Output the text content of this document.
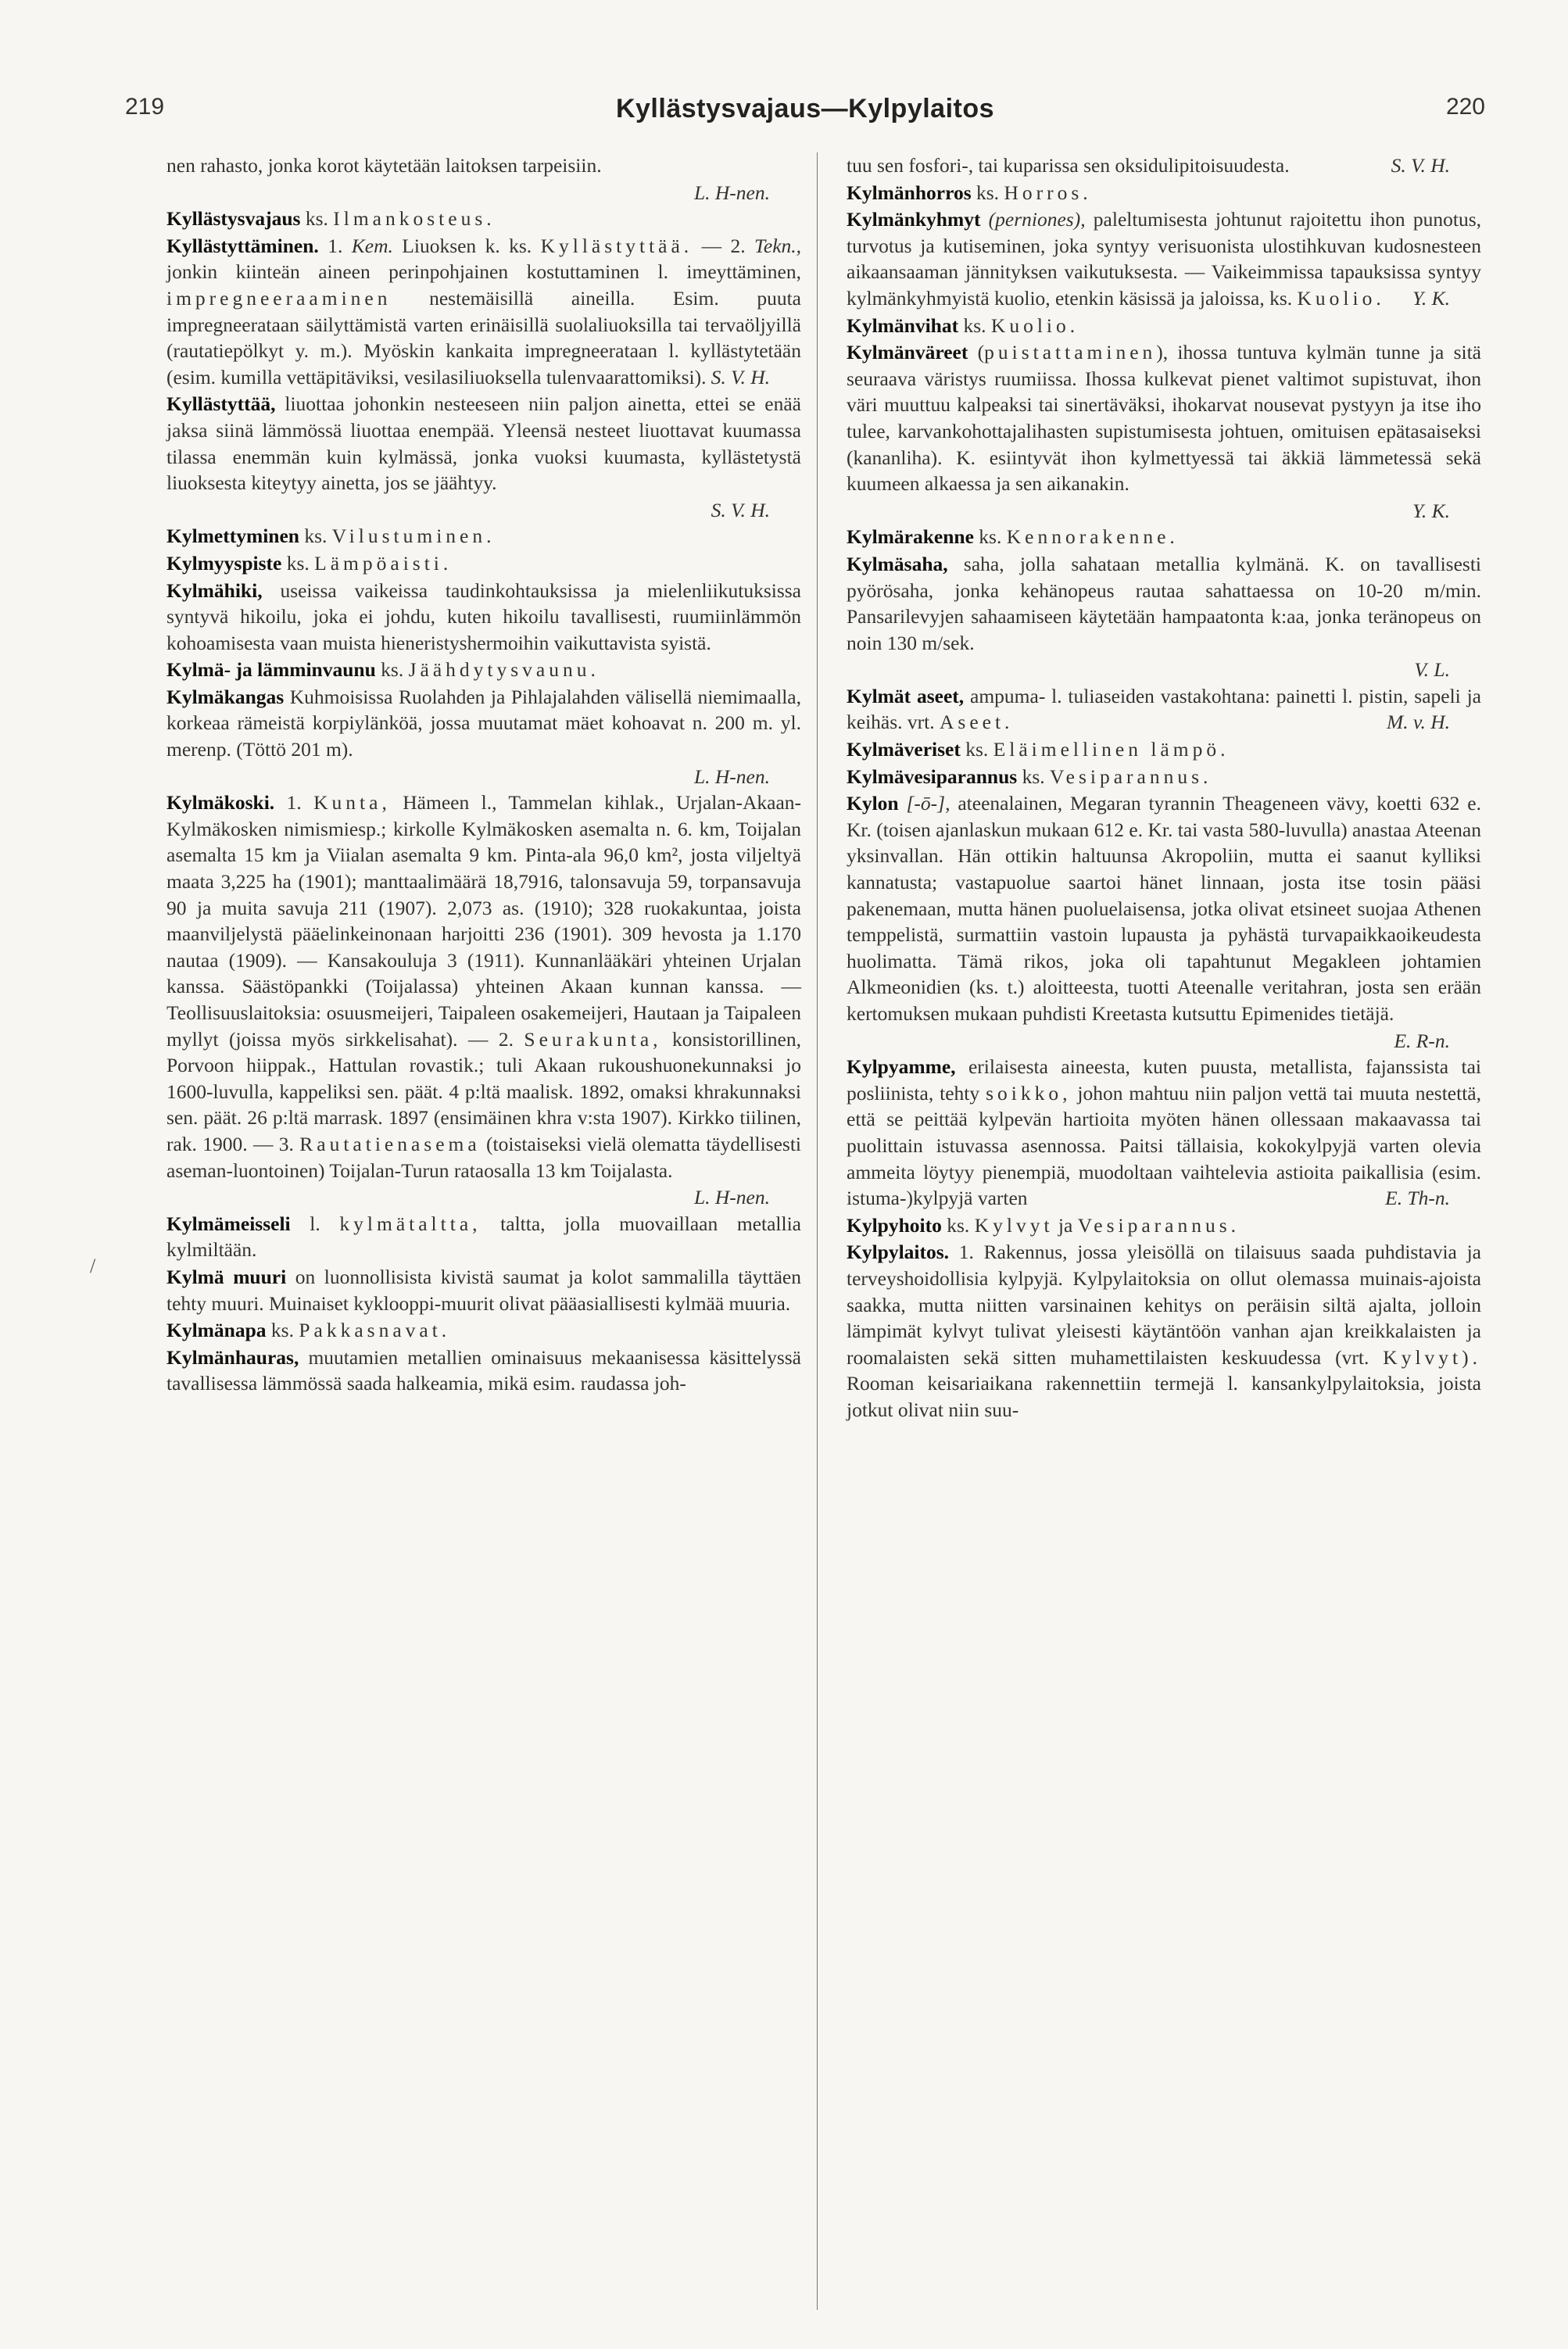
219	Kyllästysvajaus—Kylpylaitos	220
/
nen rahasto, jonka korot käytetään laitoksen tarpeisiin.
L. H-nen.
Kyllästysvajaus ks. Ilmankosteus.
Kyllästyttäminen. 1. Kem. Liuoksen k. ks. Kyllästyttää. — 2. Tekn., jonkin kiinteän aineen perinpohjainen kostuttaminen l. imeyttäminen, impregneeraaminen nestemäisillä aineilla. Esim. puuta impregneerataan säilyttämistä varten erinäisillä suolaliuoksilla tai tervaöljyillä (rautatiepölkyt y. m.). Myöskin kankaita impregneerataan l. kyllästytetään (esim. kumilla vettäpitäviksi, vesilasiliuoksella tulenvaarattomiksi). S. V. H.
Kyllästyttää, liuottaa johonkin nesteeseen niin paljon ainetta, ettei se enää jaksa siinä lämmössä liuottaa enempää. Yleensä nesteet liuottavat kuumassa tilassa enemmän kuin kylmässä, jonka vuoksi kuumasta, kyllästetystä liuoksesta kiteytyy ainetta, jos se jäähtyy.
S. V. H.
Kylmettyminen ks. Vilustuminen.
Kylmyyspiste ks. Lämpöaisti.
Kylmähiki, useissa vaikeissa taudinkohtauksissa ja mielenliikutuksissa syntyvä hikoilu, joka ei johdu, kuten hikoilu tavallisesti, ruumiinlämmön kohoamisesta vaan muista hieneristyshermoihin vaikuttavista syistä.
Kylmä- ja lämminvaunu ks. Jäähdytysvaunu.
Kylmäkangas Kuhmoisissa Ruolahden ja Pihlajalahden välisellä niemimaalla, korkeaa rämeistä korpiylänköä, jossa muutamat mäet kohoavat n. 200 m. yl. merenp. (Töttö 201 m).
L. H-nen.
Kylmäkoski. 1. Kunta, Hämeen l., Tammelan kihlak., Urjalan-Akaan-Kylmäkosken nimismiesp.; kirkolle Kylmäkosken asemalta n. 6. km, Toijalan asemalta 15 km ja Viialan asemalta 9 km. Pinta-ala 96,0 km², josta viljeltyä maata 3,225 ha (1901); manttaalimäärä 18,7916, talonsavuja 59, torpansavuja 90 ja muita savuja 211 (1907). 2,073 as. (1910); 328 ruokakuntaa, joista maanviljelystä pääelinkeinonaan harjoitti 236 (1901). 309 hevosta ja 1.170 nautaa (1909). — Kansakouluja 3 (1911). Kunnanlääkäri yhteinen Urjalan kanssa. Säästöpankki (Toijalassa) yhteinen Akaan kunnan kanssa. — Teollisuuslaitoksia: osuusmeijeri, Taipaleen osakemeijeri, Hautaan ja Taipaleen myllyt (joissa myös sirkkelisahat). — 2. Seurakunta, konsistorillinen, Porvoon hiippak., Hattulan rovastik.; tuli Akaan rukoushuonekunnaksi jo 1600-luvulla, kappeliksi sen. päät. 4 p:ltä maalisk. 1892, omaksi khrakunnaksi sen. päät. 26 p:ltä marrask. 1897 (ensimäinen khra v:sta 1907). Kirkko tiilinen, rak. 1900. — 3. Rautatienasema (toistaiseksi vielä olematta täydellisesti aseman-luontoinen) Toijalan-Turun rataosalla 13 km Toijalasta.
L. H-nen.
Kylmämeisseli l. kylmätaltta, taltta, jolla muovaillaan metallia kylmiltään.
Kylmä muuri on luonnollisista kivistä saumat ja kolot sammalilla täyttäen tehty muuri. Muinaiset kyklooppi-muurit olivat pääasiallisesti kylmää muuria.
Kylmänapa ks. Pakkasnavat.
Kylmänhauras, muutamien metallien ominaisuus mekaanisessa käsittelyssä tavallisessa lämmössä saada halkeamia, mikä esim. raudassa joh-
tuu sen fosfori-, tai kuparissa sen oksidulipitoisuudesta.	S. V. H.
Kylmänhorros ks. Horros.
Kylmänkyhmyt (perniones), paleltumisesta johtunut rajoitettu ihon punotus, turvotus ja kutiseminen, joka syntyy verisuonista ulostihkuvan kudosnesteen aikaansaaman jännityksen vaikutuksesta. — Vaikeimmissa tapauksissa syntyy kylmänkyhmyistä kuolio, etenkin käsissä ja jaloissa, ks. Kuolio. Y. K.
Kylmänvihat ks. Kuolio.
Kylmänväreet (puistattaminen), ihossa tuntuva kylmän tunne ja sitä seuraava väristys ruumiissa. Ihossa kulkevat pienet valtimot supistuvat, ihon väri muuttuu kalpeaksi tai sinertäväksi, ihokarvat nousevat pystyyn ja itse iho tulee, karvankohottajalihasten supistumisesta johtuen, omituisen epätasaiseksi (kananliha). K. esiintyvät ihon kylmettyessä tai äkkiä lämmetessä sekä kuumeen alkaessa ja sen aikanakin.
Y. K.
Kylmärakenne ks. Kennorakenne.
Kylmäsaha, saha, jolla sahataan metallia kylmänä. K. on tavallisesti pyörösaha, jonka kehänopeus rautaa sahattaessa on 10-20 m/min. Pansarilevyjen sahaamiseen käytetään hampaatonta k:aa, jonka teränopeus on noin 130 m/sek.
V. L.
Kylmät aseet, ampuma- l. tuliaseiden vastakohtana: painetti l. pistin, sapeli ja keihäs. vrt. Aseet.	M. v. H.
Kylmäveriset ks. Eläimellinen lämpö.
Kylmävesiparannus ks. Vesiparannus.
Kylon [-ō-], ateenalainen, Megaran tyrannin Theageneen vävy, koetti 632 e. Kr. (toisen ajanlaskun mukaan 612 e. Kr. tai vasta 580-luvulla) anastaa Ateenan yksinvallan. Hän ottikin haltuunsa Akropoliin, mutta ei saanut kylliksi kannatusta; vastapuolue saartoi hänet linnaan, josta itse tosin pääsi pakenemaan, mutta hänen puoluelaisensa, jotka olivat etsineet suojaa Athenen temppelistä, surmattiin vastoin lupausta ja pyhästä turvapaikkaoikeudesta huolimatta. Tämä rikos, joka oli tapahtunut Megakleen johtamien Alkmeonidien (ks. t.) aloitteesta, tuotti Ateenalle veritahran, josta sen erään kertomuksen mukaan puhdisti Kreetasta kutsuttu Epimenides tietäjä.
E. R-n.
Kylpyamme, erilaisesta aineesta, kuten puusta, metallista, fajanssista tai posliinista, tehty soikko, johon mahtuu niin paljon vettä tai muuta nestettä, että se peittää kylpevän hartioita myöten hänen ollessaan makaavassa tai puolittain istuvassa asennossa. Paitsi tällaisia, kokokylpyjä varten olevia ammeita löytyy pienempiä, muodoltaan vaihtelevia astioita paikallisia (esim. istuma-)kylpyjä varten	E. Th-n.
Kylpyhoito ks. Kylvyt ja Vesiparannus.
Kylpylaitos. 1. Rakennus, jossa yleisöllä on tilaisuus saada puhdistavia ja terveyshoidollisia kylpyjä. Kylpylaitoksia on ollut olemassa muinais-ajoista saakka, mutta niitten varsinainen kehitys on peräisin siltä ajalta, jolloin lämpimät kylvyt tulivat yleisesti käytäntöön vanhan ajan kreikkalaisten ja roomalaisten sekä sitten muhamettilaisten keskuudessa (vrt. Kylvyt). Rooman keisariaikana rakennettiin termejä l. kansankylpylaitoksia, joista jotkut olivat niin suu-
